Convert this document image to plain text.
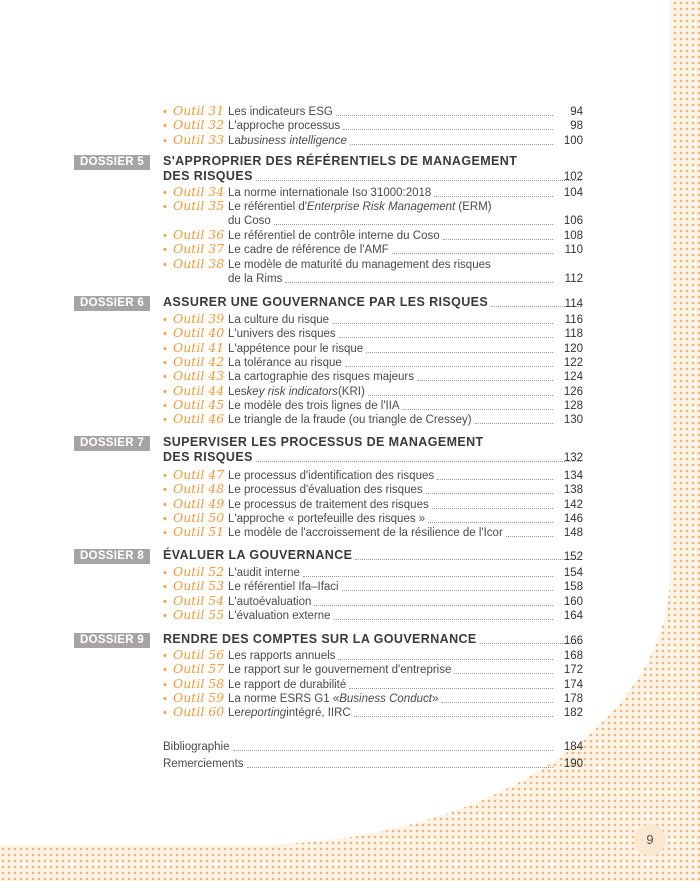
• Outil 31 Les indicateurs ESG	94
• Outil 32 L'approche processus	98
• Outil 33 La business intelligence	100
DOSSIER 5	S'APPROPRIER DES RÉFÉRENTIELS DE MANAGEMENT
DES RISQUES	102
• Outil 34 La norme internationale Iso 31000:2018	104
• Outil 35 Le référentiel d'Enterprise Risk Management (ERM)
du Coso	106
• Outil 36 Le référentiel de contrôle interne du Coso	108
• Outil 37 Le cadre de référence de l'AMF	110
• Outil 38 Le modèle de maturité du management des risques
de la Rims	112
DOSSIER 6	ASSURER UNE GOUVERNANCE PAR LES RISQUES	114
• Outil 39 La culture du risque	116
• Outil 40 L'univers des risques	118
• Outil 41 L'appétence pour le risque	120
• Outil 42 La tolérance au risque	122
• Outil 43 La cartographie des risques majeurs	124
• Outil 44 Les key risk indicators (KRI)	126
• Outil 45 Le modèle des trois lignes de l'IIA	128
• Outil 46 Le triangle de la fraude (ou triangle de Cressey)	130
DOSSIER 7	SUPERVISER LES PROCESSUS DE MANAGEMENT
DES RISQUES	132
• Outil 47 Le processus d'identification des risques	134
• Outil 48 Le processus d'évaluation des risques	138
• Outil 49 Le processus de traitement des risques	142
• Outil 50 L'approche « portefeuille des risques »	146
• Outil 51 Le modèle de l'accroissement de la résilience de l'Icor	148
DOSSIER 8	ÉVALUER LA GOUVERNANCE	152
• Outil 52 L'audit interne	154
• Outil 53 Le référentiel Ifa–Ifaci	158
• Outil 54 L'autoévaluation	160
• Outil 55 L'évaluation externe	164
DOSSIER 9	RENDRE DES COMPTES SUR LA GOUVERNANCE	166
• Outil 56 Les rapports annuels	168
• Outil 57 Le rapport sur le gouvernement d'entreprise	172
• Outil 58 Le rapport de durabilité	174
• Outil 59 La norme ESRS G1 « Business Conduct »	178
• Outil 60 Le reporting intégré, IIRC	182
Bibliographie	184
Remerciements	190
9
